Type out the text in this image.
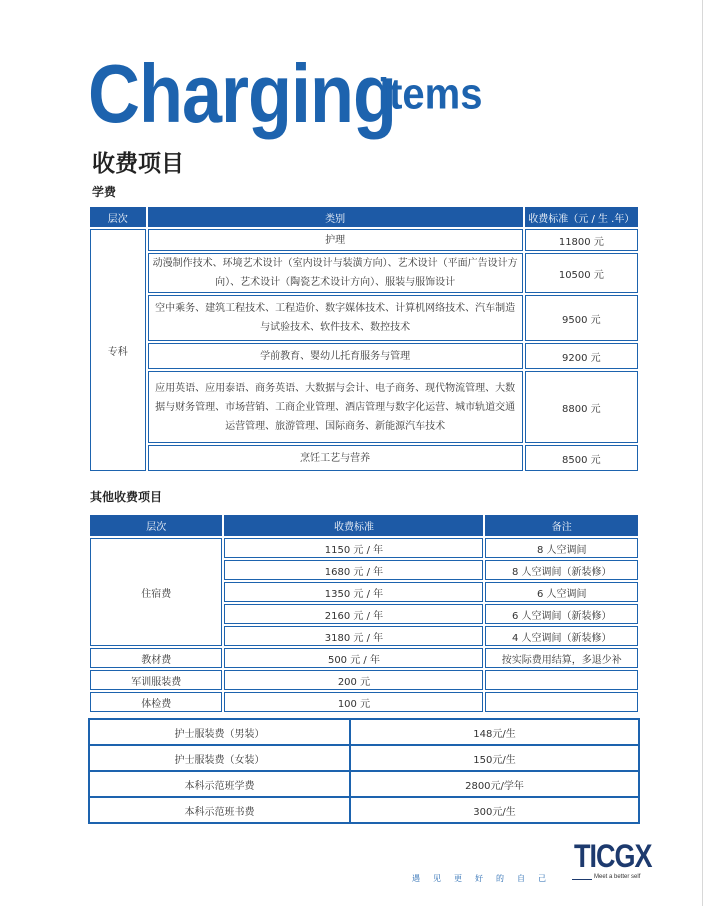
Charging
items
收费项目
学费
层次	类别	收费标准（元 / 生 .年）
专科	护理	11800 元
	动漫制作技术、环境艺术设计（室内设计与装潢方向）、艺术设计（平面广告设计方向）、艺术设计（陶瓷艺术设计方向）、服装与服饰设计	10500 元
	空中乘务、建筑工程技术、工程造价、数字媒体技术、计算机网络技术、汽车制造与试验技术、软件技术、数控技术	9500 元
	学前教育、婴幼儿托育服务与管理	9200 元
	应用英语、应用泰语、商务英语、大数据与会计、电子商务、现代物流管理、大数据与财务管理、市场营销、工商企业管理、酒店管理与数字化运营、城市轨道交通运营管理、旅游管理、国际商务、新能源汽车技术	8800 元
	烹饪工艺与营养	8500 元
其他收费项目
层次	收费标准	备注
住宿费	1150 元 / 年	8 人空调间
	1680 元 / 年	8 人空调间（新装修）
	1350 元 / 年	6 人空调间
	2160 元 / 年	6 人空调间（新装修）
	3180 元 / 年	4 人空调间（新装修）
教材费	500 元 / 年	按实际费用结算，多退少补
军训服装费	200 元	
体检费	100 元	
护士服装费（男装）	148元/生
护士服装费（女装）	150元/生
本科示范班学费	2800元/学年
本科示范班书费	300元/生
TICGX
遇见更好的自己	Meet a better self
